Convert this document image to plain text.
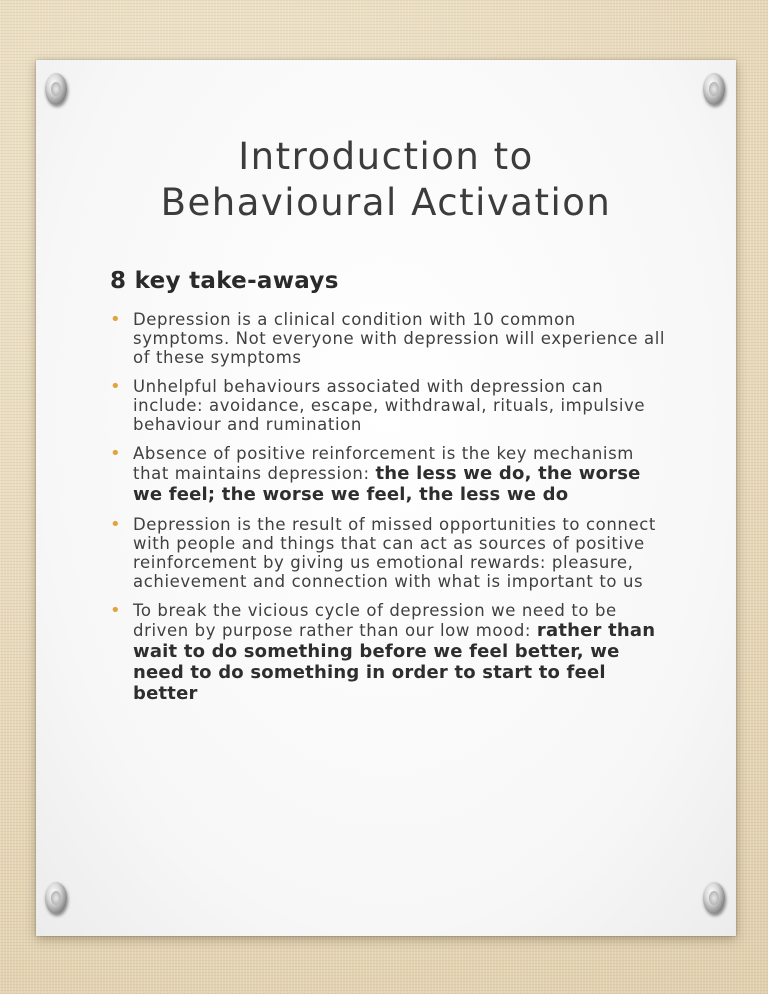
Introduction to
Behavioural Activation
8 key take-aways
• Depression is a clinical condition with 10 common symptoms. Not everyone with depression will experience all of these symptoms
• Unhelpful behaviours associated with depression can include: avoidance, escape, withdrawal, rituals, impulsive behaviour and rumination
• Absence of positive reinforcement is the key mechanism that maintains depression: the less we do, the worse we feel; the worse we feel, the less we do
• Depression is the result of missed opportunities to connect with people and things that can act as sources of positive reinforcement by giving us emotional rewards: pleasure, achievement and connection with what is important to us
• To break the vicious cycle of depression we need to be driven by purpose rather than our low mood: rather than wait to do something before we feel better, we need to do something in order to start to feel better
